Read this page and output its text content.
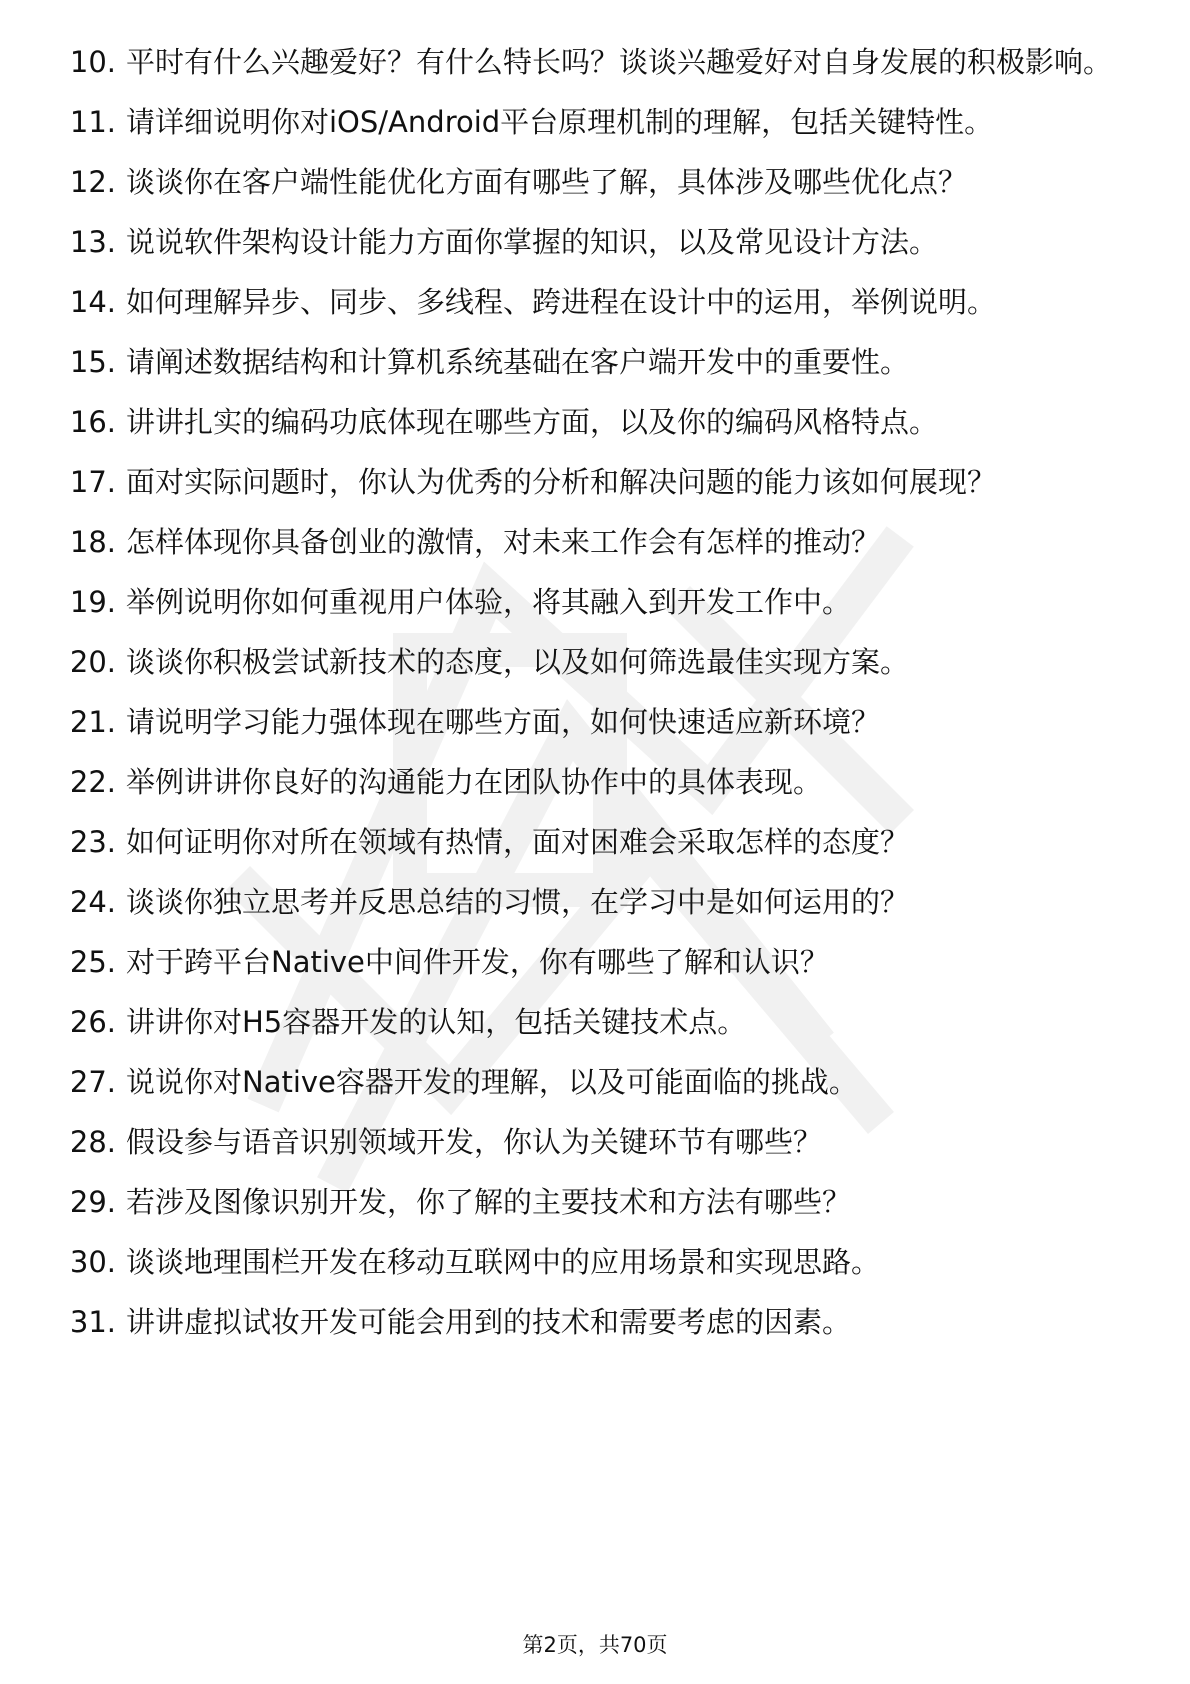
10. 平时有什么兴趣爱好？有什么特长吗？谈谈兴趣爱好对自身发展的积极影响。
11. 请详细说明你对iOS/Android平台原理机制的理解，包括关键特性。
12. 谈谈你在客户端性能优化方面有哪些了解，具体涉及哪些优化点？
13. 说说软件架构设计能力方面你掌握的知识，以及常见设计方法。
14. 如何理解异步、同步、多线程、跨进程在设计中的运用，举例说明。
15. 请阐述数据结构和计算机系统基础在客户端开发中的重要性。
16. 讲讲扎实的编码功底体现在哪些方面，以及你的编码风格特点。
17. 面对实际问题时，你认为优秀的分析和解决问题的能力该如何展现？
18. 怎样体现你具备创业的激情，对未来工作会有怎样的推动？
19. 举例说明你如何重视用户体验，将其融入到开发工作中。
20. 谈谈你积极尝试新技术的态度，以及如何筛选最佳实现方案。
21. 请说明学习能力强体现在哪些方面，如何快速适应新环境？
22. 举例讲讲你良好的沟通能力在团队协作中的具体表现。
23. 如何证明你对所在领域有热情，面对困难会采取怎样的态度？
24. 谈谈你独立思考并反思总结的习惯，在学习中是如何运用的？
25. 对于跨平台Native中间件开发，你有哪些了解和认识？
26. 讲讲你对H5容器开发的认知，包括关键技术点。
27. 说说你对Native容器开发的理解，以及可能面临的挑战。
28. 假设参与语音识别领域开发，你认为关键环节有哪些？
29. 若涉及图像识别开发，你了解的主要技术和方法有哪些？
30. 谈谈地理围栏开发在移动互联网中的应用场景和实现思路。
31. 讲讲虚拟试妆开发可能会用到的技术和需要考虑的因素。
第2页，共70页
